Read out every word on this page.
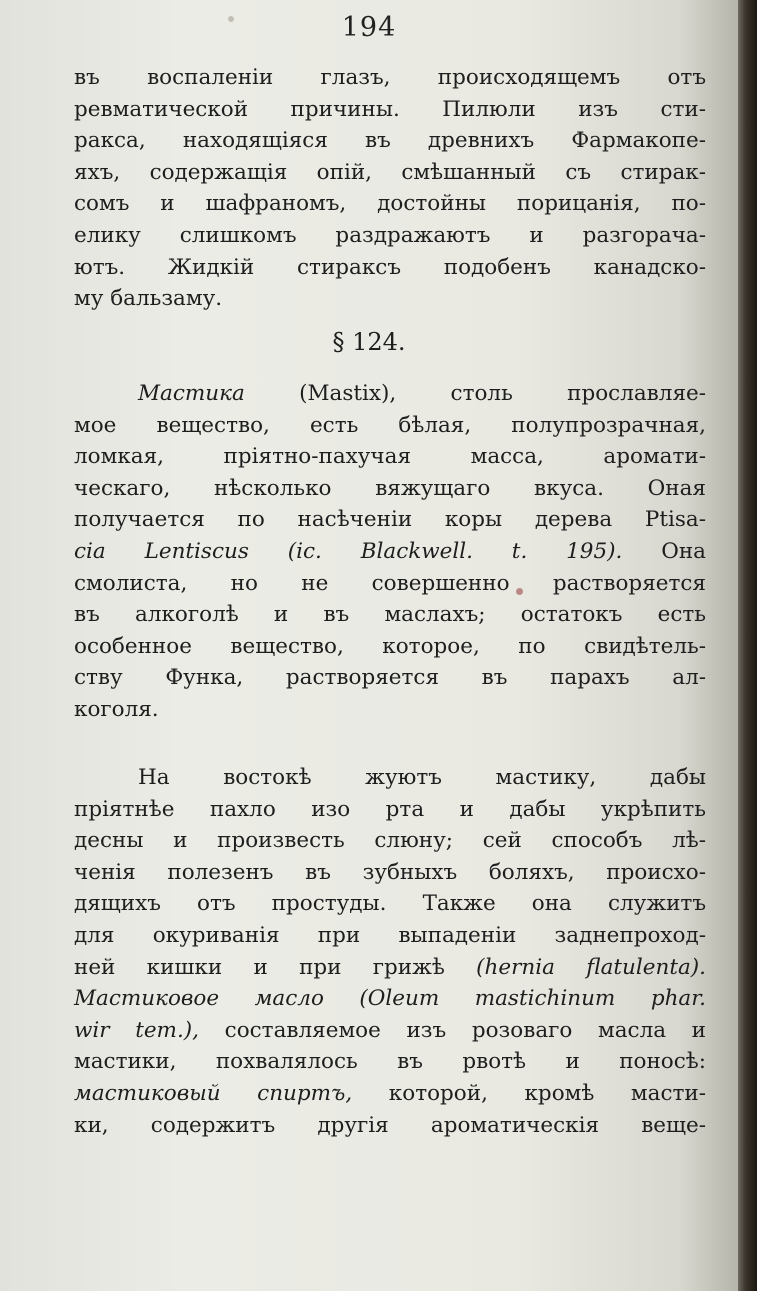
194
въ воспаленіи глазъ, происходящемъ отъ
ревматической причины. Пилюли изъ сти-
ракса, находящіяся въ древнихъ Фармакопе-
яхъ, содержащія опій, смѣшанный съ стирак-
сомъ и шафраномъ, достойны порицанія, по-
елику слишкомъ раздражаютъ и разгорача-
ютъ. Жидкій стираксъ подобенъ канадско-
му бальзаму.
§ 124.
Мастика (Mastix), столь прославляе-
мое вещество, есть бѣлая, полупрозрачная,
ломкая, пріятно-пахучая масса, аромати-
ческаго, нѣсколько вяжущаго вкуса. Оная
получается по насѣченіи коры дерева Ptisa-
cia Lentiscus (ic. Blackwell. t. 195). Она
смолиста, но не совершенно растворяется
въ алкоголѣ и въ маслахъ; остатокъ есть
особенное вещество, которое, по свидѣтель-
ству Функа, растворяется въ парахъ ал-
коголя.
На востокѣ жуютъ мастику, дабы
пріятнѣе пахло изо рта и дабы укрѣпить
десны и произвесть слюну; сей способъ лѣ-
ченія полезенъ въ зубныхъ боляхъ, происхо-
дящихъ отъ простуды. Также она служитъ
для окуриванія при выпаденіи заднепроход-
ней кишки и при грижѣ (hernia flatulenta).
Мастиковое масло (Oleum mastichinum phar.
wir tem.), составляемое изъ розоваго масла и
мастики, похвалялось въ рвотѣ и поносѣ:
мастиковый спиртъ, которой, кромѣ масти-
ки, содержитъ другія ароматическія веще-
